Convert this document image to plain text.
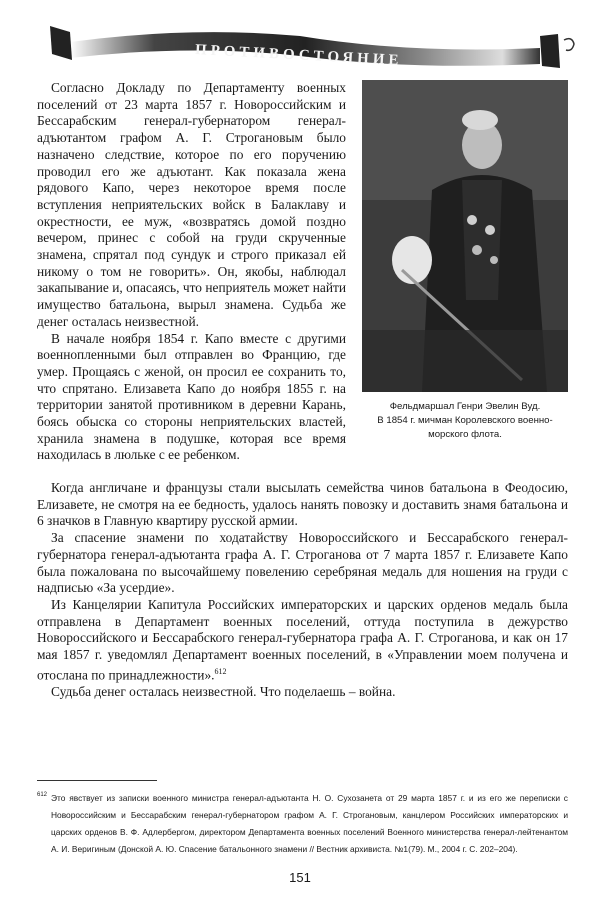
ПРОТИВОСТОЯНИЕ

Согласно Докладу по Департаменту военных поселений от 23 марта 1857 г. Новороссийским и Бессарабским генерал-губернатором генерал-адъютантом графом А. Г. Строгановым было назначено следствие, которое по его поручению проводил его же адъютант. Как показала жена рядового Капо, через некоторое время после вступления неприятельских войск в Балаклаву и окрестности, ее муж, «возвратясь домой поздно вечером, принес с собой на груди скрученные знамена, спрятал под сундук и строго приказал ей никому о том не говорить». Он, якобы, наблюдал закапывание и, опасаясь, что неприятель может найти имущество батальона, вырыл знамена. Судьба же денег осталась неизвестной.

В начале ноября 1854 г. Капо вместе с другими военнопленными был отправлен во Францию, где умер. Прощаясь с женой, он просил ее сохранить то, что спрятано. Елизавета Капо до ноября 1855 г. на территории занятой противником в деревни Карань, боясь обыска со стороны неприятельских властей, хранила знамена в подушке, которая все время находилась в люльке с ее ребенком.

Фельдмаршал Генри Эвелин Вуд.
В 1854 г. мичман Королевского военно-морского флота.

Когда англичане и французы стали высылать семейства чинов батальона в Феодосию, Елизавете, не смотря на ее бедность, удалось нанять повозку и доставить знамя батальона и 6 значков в Главную квартиру русской армии.

За спасение знамени по ходатайству Новороссийского и Бессарабского генерал-губернатора генерал-адъютанта графа А. Г. Строганова от 7 марта 1857 г. Елизавете Капо была пожалована по высочайшему повелению серебряная медаль для ношения на груди с надписью «За усердие».

Из Канцелярии Капитула Российских императорских и царских орденов медаль была отправлена в Департамент военных поселений, оттуда поступила в дежурство Новороссийского и Бессарабского генерал-губернатора графа А. Г. Строганова, и как он 17 мая 1857 г. уведомлял Департамент военных поселений, в «Управлении моем получена и отослана по принадлежности».$^{612}$

Судьба денег осталась неизвестной. Что поделаешь – война.

612 Это явствует из записки военного министра генерал-адъютанта Н. О. Сухозанета от 29 марта 1857 г. и из его же переписки с Новороссийским и Бессарабским генерал-губернатором графом А. Г. Строгановым, канцлером Российских императорских и царских орденов В. Ф. Адлербергом, директором Департамента военных поселений Военного министерства генерал-лейтенантом А. И. Веригиным (Донской А. Ю. Спасение батальонного знамени // Вестник архивиста. №1(79). М., 2004 г. С. 202–204).
151
